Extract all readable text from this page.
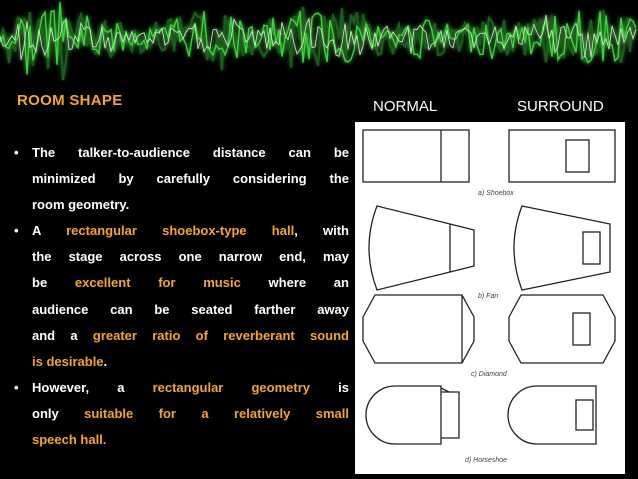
ROOM SHAPE	NORMAL	SURROUND
• The talker-to-audience distance can be
minimized by carefully considering the
room geometry.
• A rectangular shoebox-type hall, with
the stage across one narrow end, may
be excellent for music where an
audience can be seated farther away
and a greater ratio of reverberant sound
is desirable.
• However, a rectangular geometry is
only suitable for a relatively small
speech hall.
a) Shoebox
b) Fan
c) Diamond
d) Horseshoe
